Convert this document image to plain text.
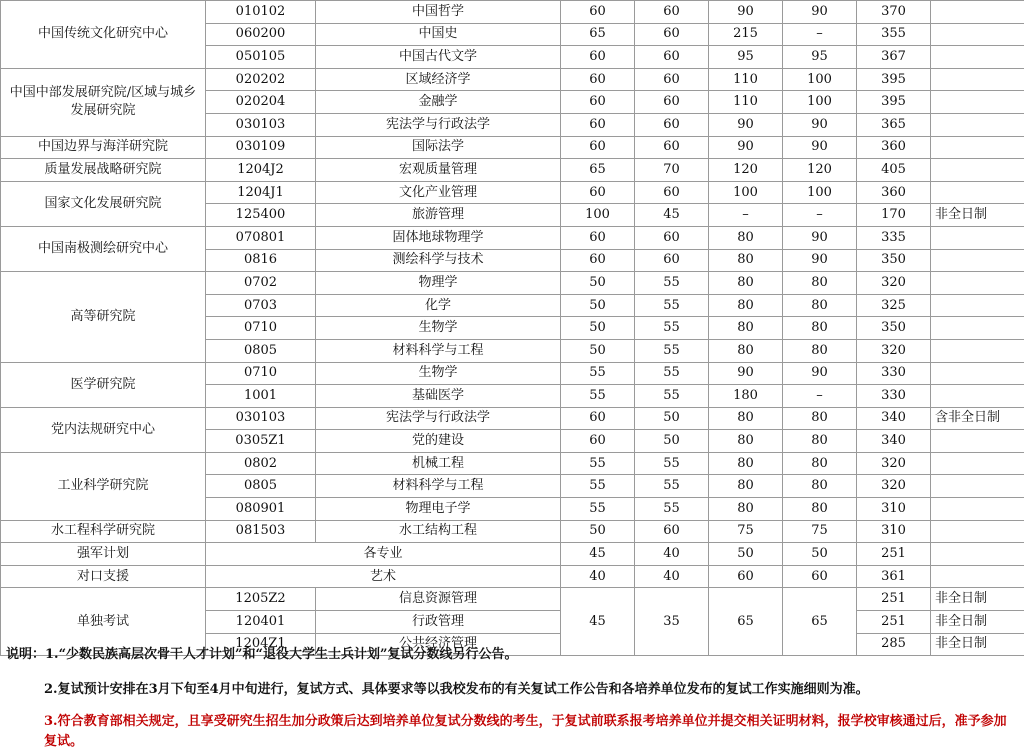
中国传统文化研究中心	010102	中国哲学	60	60	90	90	370	
	060200	中国史	65	60	215	–	355	
	050105	中国古代文学	60	60	95	95	367	
中国中部发展研究院/区域与城乡发展研究院	020202	区域经济学	60	60	110	100	395	
	020204	金融学	60	60	110	100	395	
	030103	宪法学与行政法学	60	60	90	90	365	
中国边界与海洋研究院	030109	国际法学	60	60	90	90	360	
质量发展战略研究院	1204J2	宏观质量管理	65	70	120	120	405	
国家文化发展研究院	1204J1	文化产业管理	60	60	100	100	360	
	125400	旅游管理	100	45	–	–	170	非全日制
中国南极测绘研究中心	070801	固体地球物理学	60	60	80	90	335	
	0816	测绘科学与技术	60	60	80	90	350	
高等研究院	0702	物理学	50	55	80	80	320	
	0703	化学	50	55	80	80	325	
	0710	生物学	50	55	80	80	350	
	0805	材料科学与工程	50	55	80	80	320	
医学研究院	0710	生物学	55	55	90	90	330	
	1001	基础医学	55	55	180	–	330	
党内法规研究中心	030103	宪法学与行政法学	60	50	80	80	340	含非全日制
	0305Z1	党的建设	60	50	80	80	340	
工业科学研究院	0802	机械工程	55	55	80	80	320	
	0805	材料科学与工程	55	55	80	80	320	
	080901	物理电子学	55	55	80	80	310	
水工程科学研究院	081503	水工结构工程	50	60	75	75	310	
强军计划	各专业		45	40	50	50	251	
对口支援	艺术		40	40	60	60	361	
单独考试	1205Z2	信息资源管理	45	35	65	65	251	非全日制
	120401	行政管理					251	非全日制
	1204Z1	公共经济管理					285	非全日制
说明：1.“少数民族高层次骨干人才计划”和“退役大学生士兵计划”复试分数线另行公告。
2.复试预计安排在3月下旬至4月中旬进行，复试方式、具体要求等以我校发布的有关复试工作公告和各培养单位发布的复试工作实施细则为准。
3.符合教育部相关规定，且享受研究生招生加分政策后达到培养单位复试分数线的考生，于复试前联系报考培养单位并提交相关证明材料，报学校审核通过后，准予参加复试。
